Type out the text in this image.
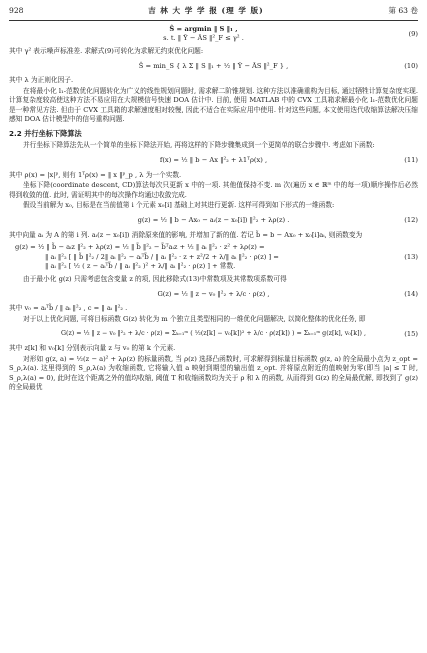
928	吉 林 大 学 学 报 (理 学 版)	第 63 卷
Ŝ = argmin ‖ S ‖₁ ,
s. t. ‖ Ỹ − ÃS ‖²_F ≤ γ² .
(9)

其中 γ² 表示噪声标准差. 求解式(9)可转化为求解无约束优化问题:

Ŝ = min_S { λ Σ ‖ S ‖₁ + ½ ‖ Ỹ − ÃS ‖²_F } ,	(10)

其中 λ 为正则化因子.

在将最小化 l₁-范数优化问题转化为广义的线性规划问题时, 需求解二阶锥规划. 这种方法以准确重构为目标, 通过牺牲计算复杂度实现. 计算复杂度较高使这种方法不易应用在大规模信号快速 DOA 估计中. 目前, 使用 MATLAB 中的 CVX 工具箱求解最小化 l₁-范数优化问题是一种常见方法. 但由于 CVX 工具箱的求解速度相对较慢, 因此不适合在实际应用中使用. 针对这些问题, 本文使用迭代收缩算法解决压缩感知 DOA 估计模型中的信号重构问题.

2.2 并行坐标下降算法

并行坐标下降算法先从一个简单的坐标下降法开始, 再将这样的下降步骤集成到一个更简单的联合步骤中. 考虑如下函数:

f(x) = ½ ‖ b − Ax ‖²₂ + λ1ᵀρ(x) ,	(11)

其中 ρ(x) = |x|ᵖ, 则有 1ᵀρ(x) = ‖ x ‖ᵖ_p , λ 为一个实数.

坐标下降(coordinate descent, CD)算法每次只更新 x 中的一项. 其他值保持不变. m 次(遍历 x ∈ ℝᵐ 中的每一项)顺序操作后必然得到收敛的值. 此时, 需证明其中的每次操作均通过收敛完成.

假设当前解为 x₀, 目标是在当前值第 i 个元素 x₀[i] 基础上对其进行更新. 这样可得到如下形式的一维函数:

g(z) = ½ ‖ b − Ax₀ − aᵢ(z − x₀[i]) ‖²₂ + λρ(z) .	(12)

其中向量 aᵢ 为 A 的第 i 列. aᵢ(z − x₀[i]) 消除原来值的影响, 并增加了新的值. 若记 b̃ = b − Ax₀ + x₀[i]aᵢ, 则函数变为

g(z) = ½ ‖ b̃ − aᵢz ‖²₂ + λρ(z) = ½ ‖ b̃ ‖²₂ − b̃ᵀaᵢz + ½ ‖ aᵢ ‖²₂ · z² + λρ(z) =
‖ aᵢ ‖²₂ [ ‖ b̃ ‖²₂ / 2‖ aᵢ ‖²₂ − aᵢᵀb̃ / ‖ aᵢ ‖²₂ · z + z²/2 + λ/‖ aᵢ ‖²₂ · ρ(z) ] =
‖ aᵢ ‖²₂ [ ½ ( z − aᵢᵀb̃ / ‖ aᵢ ‖²₂ )² + λ/‖ aᵢ ‖²₂ · ρ(z) ] + 常数.
(13)

由于最小化 g(z) 只需考虑包含变量 z 的项, 因此移除式(13)中常数项及其常数项系数可得

G(z) = ½ ‖ z − v₀ ‖²₂ + λ/c · ρ(z) ,	(14)

其中 v₀ = aᵢᵀb̃ / ‖ aᵢ ‖²₂ , c = ‖ aᵢ ‖²₂ .

对于以上优化问题, 可将目标函数 G(z) 转化为 m 个独立且类型相同的一维优化问题解决, 以简化整体的优化任务, 即

G(z) = ½ ‖ z − v₀ ‖²₂ + λ/c · ρ(z) = Σₖ₌₁ᵐ ( ½(z[k] − v₀[k])² + λ/c · ρ(z[k]) ) = Σₖ₌₁ᵐ g(z[k], v₀[k]) ,	(15)

其中 z[k] 和 v₀[k] 分别表示向量 z 与 v₀ 的第 k 个元素.

对形如 g(z, a) = ½(z − a)² + λρ(z) 的标量函数, 当 ρ(z) 选择凸函数时, 可求解得到标量目标函数 g(z, a) 的全局最小点为 z_opt = S_ρ,λ(a). 这里得到的 S_ρ,λ(a) 为收缩函数, 它将输入值 a 映射到期望的输出值 z_opt. 并将原点附近的值映射为零(即当 |a| ≤ T 时, S_ρ,λ(a) = 0), 此时在这个距离之外的值均收缩, 阈值 T 和收缩函数均为关于 ρ 和 λ 的函数, 从而得到 G(z) 的全局最优解, 即找到了 g(z) 的全局最优
